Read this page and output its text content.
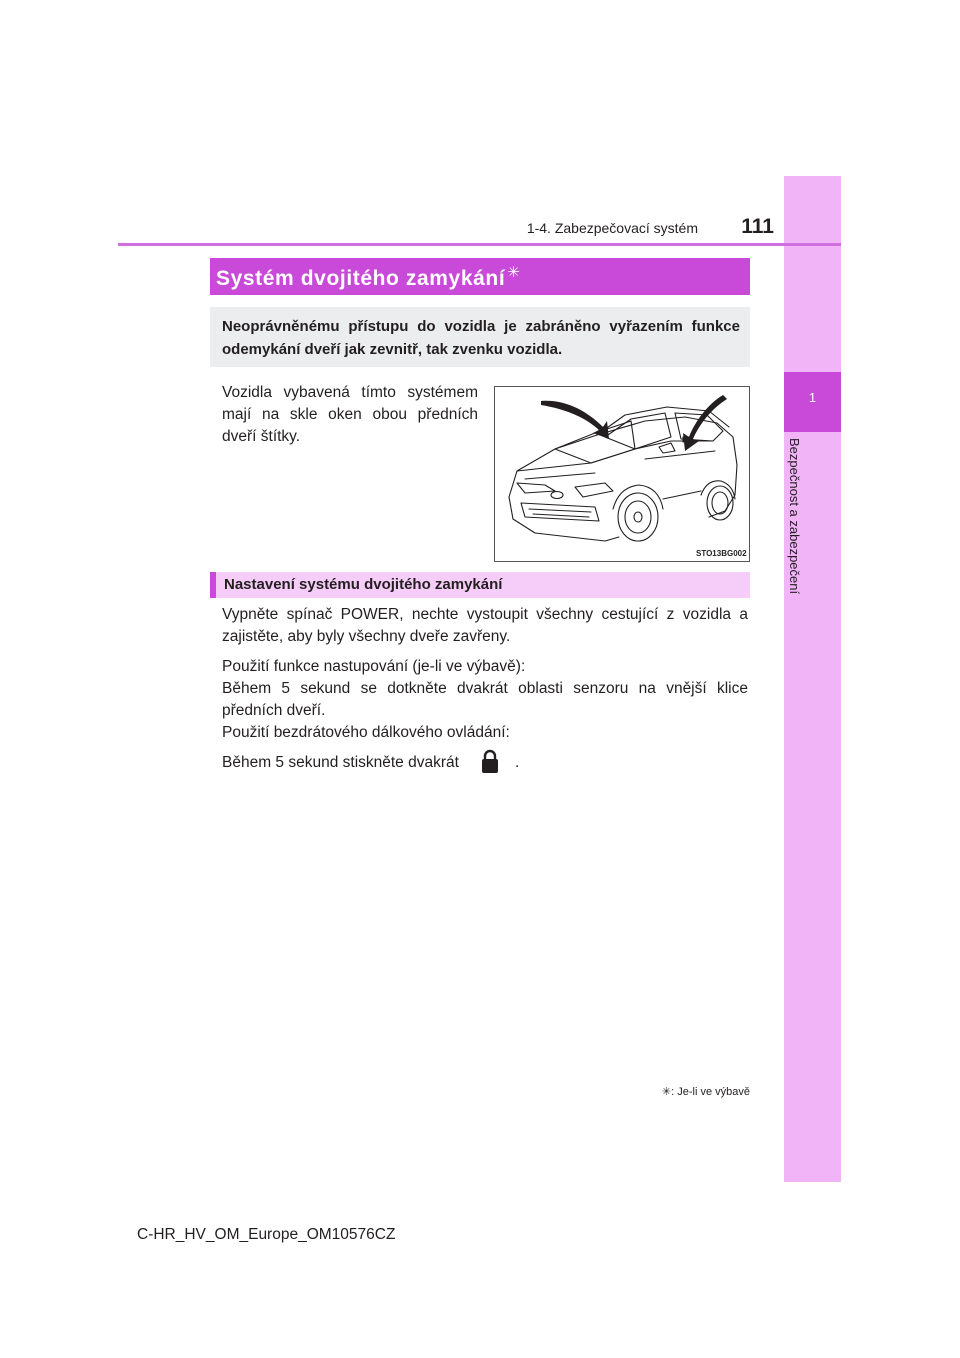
1
Bezpečnost a zabezpečení
1-4. Zabezpečovací systém	111
Systém dvojitého zamykání ✳
Neoprávněnému přístupu do vozidla je zabráněno vyřazením funkce odemykání dveří jak zevnitř, tak zvenku vozidla.
Vozidla vybavená tímto systémem mají na skle oken obou předních dveří štítky.
STO13BG002
Nastavení systému dvojitého zamykání
Vypněte spínač POWER, nechte vystoupit všechny cestující z vozidla a zajistěte, aby byly všechny dveře zavřeny.
Použití funkce nastupování (je-li ve výbavě):
Během 5 sekund se dotkněte dvakrát oblasti senzoru na vnější klice předních dveří.
Použití bezdrátového dálkového ovládání:
Během 5 sekund stiskněte dvakrát	.
✳: Je-li ve výbavě
C-HR_HV_OM_Europe_OM10576CZ
